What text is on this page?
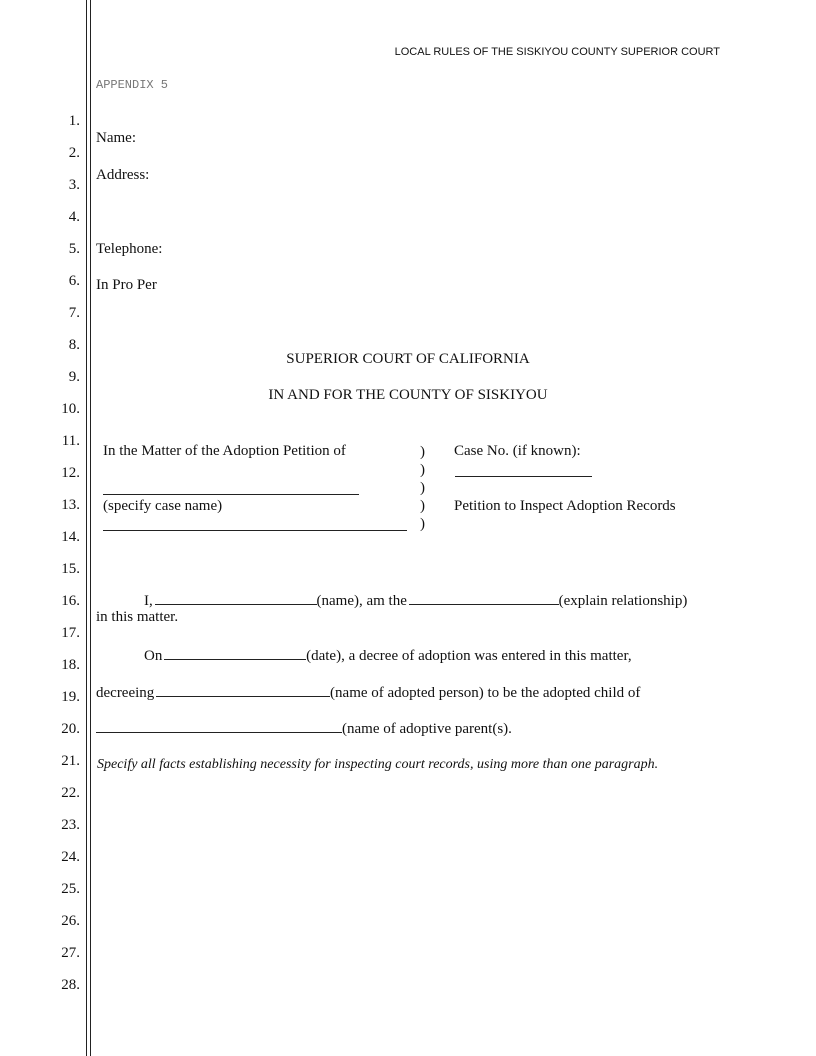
LOCAL RULES OF THE SISKIYOU COUNTY SUPERIOR COURT
APPENDIX 5
1.
2.
3.
4.
5.
6.
7.
8.
9.
10.
11.
12.
13.
14.
15.
16.
17.
18.
19.
20.
21.
22.
23.
24.
25.
26.
27.
28.
Name:
Address:
Telephone:
In Pro Per
SUPERIOR COURT OF CALIFORNIA
IN AND FOR THE COUNTY OF SISKIYOU
In the Matter of the Adoption Petition of
(specify case name)
)
)
)
)
)
Case No. (if known):
Petition to Inspect Adoption Records
I,	(name), am the	(explain relationship)
in this matter.
On	(date), a decree of adoption was entered in this matter,
decreeing	(name of adopted person) to be the adopted child of
(name of adoptive parent(s).
Specify all facts establishing necessity for inspecting court records, using more than one paragraph.
